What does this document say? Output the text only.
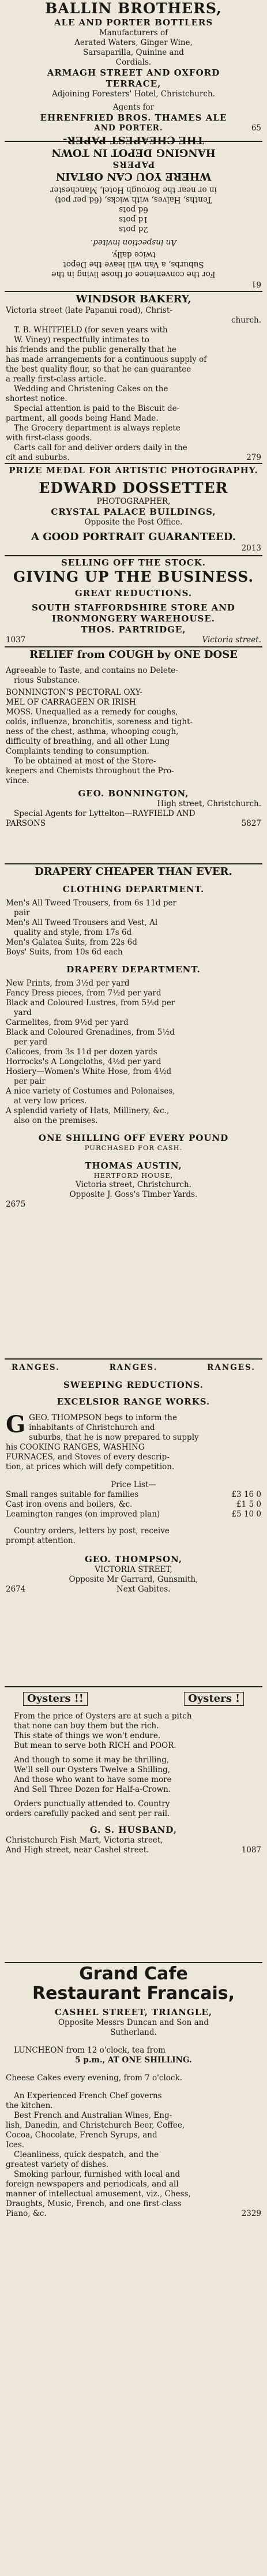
BALLIN BROTHERS,
ALE AND PORTER BOTTLERS
Manufacturers of
Aerated Waters, Ginger Wine,
Sarsaparilla, Quinine and
Cordials.
ARMAGH STREET AND OXFORD
TERRACE,
Adjoining Foresters' Hotel, Christchurch.
Agents for
EHRENFRIED BROS. THAMES ALE
AND PORTER.	65
61
For the convenience of those living in the
Suburbs, a Van will leave the Depot
twice daily.
An inspection invited.
2d pots
1d pots
6d pots
Tenths, Halves, with wicks, (6d per pot)
in or near the Borough Hotel, Manchester
WHERE YOU CAN OBTAIN
PAPERS
HANGING DEPOT IN TOWN
THE CHEAPEST PAPER-
WINDSOR BAKERY,
Victoria street (late Papanui road), Christ-
church.
T. B. WHITFIELD (for seven years with
W. Viney) respectfully intimates to
his friends and the public generally that he
has made arrangements for a continuous supply of
the best quality flour, so that he can guarantee
a really first-class article.
Wedding and Christening Cakes on the
shortest notice.
Special attention is paid to the Biscuit de-
partment, all goods being Hand Made.
The Grocery department is always replete
with first-class goods.
Carts call for and deliver orders daily in the
cit and suburbs.	279
PRIZE MEDAL FOR ARTISTIC PHOTOGRAPHY.
EDWARD DOSSETTER
PHOTOGRAPHER,
CRYSTAL PALACE BUILDINGS,
Opposite the Post Office.
A GOOD PORTRAIT GUARANTEED.
2013
SELLING OFF THE STOCK.
GIVING UP THE BUSINESS.
GREAT REDUCTIONS.
SOUTH STAFFORDSHIRE STORE AND
IRONMONGERY WAREHOUSE.
THOS. PARTRIDGE,
1037	Victoria street.
RELIEF from COUGH by ONE DOSE
Agreeable to Taste, and contains no Delete-
rious Substance.
BONNINGTON'S PECTORAL OXY-
MEL OF CARRAGEEN OR IRISH
MOSS. Unequalled as a remedy for coughs,
colds, influenza, bronchitis, soreness and tight-
ness of the chest, asthma, whooping cough,
difficulty of breathing, and all other Lung
Complaints tending to consumption.
To be obtained at most of the Store-
keepers and Chemists throughout the Pro-
vince.
GEO. BONNINGTON,
High street, Christchurch.
Special Agents for Lyttelton—RAYFIELD AND
PARSONS	5827
DRAPERY CHEAPER THAN EVER.
CLOTHING DEPARTMENT.
Men's All Tweed Trousers, from 6s 11d per
pair
Men's All Tweed Trousers and Vest, Al
quality and style, from 17s 6d
Men's Galatea Suits, from 22s 6d
Boys' Suits, from 10s 6d each
DRAPERY DEPARTMENT.
New Prints, from 3½d per yard
Fancy Dress pieces, from 7½d per yard
Black and Coloured Lustres, from 5½d per
yard
Carmelites, from 9½d per yard
Black and Coloured Grenadines, from 5½d
per yard
Calicoes, from 3s 11d per dozen yards
Horrocks's A Longcloths, 4½d per yard
Hosiery—Women's White Hose, from 4½d
per pair
A nice variety of Costumes and Polonaises,
at very low prices.
A splendid variety of Hats, Millinery, &c.,
also on the premises.
ONE SHILLING OFF EVERY POUND
PURCHASED FOR CASH.
THOMAS AUSTIN,
HERTFORD HOUSE,
Victoria street, Christchurch.
Opposite J. Goss's Timber Yards.
2675
RANGES.	RANGES.	RANGES.
SWEEPING REDUCTIONS.
EXCELSIOR RANGE WORKS.
G GEO. THOMPSON begs to inform the
inhabitants of Christchurch and
suburbs, that he is now prepared to supply
his COOKING RANGES, WASHING
FURNACES, and Stoves of every descrip-
tion, at prices which will defy competition.
Price List—
Small ranges suitable for families	£3 16 0
Cast iron ovens and boilers, &c.	£1 5 0
Leamington ranges (on improved plan)	£5 10 0
Country orders, letters by post, receive
prompt attention.
GEO. THOMPSON,
VICTORIA STREET,
Opposite Mr Garrard, Gunsmith,
2674	Next Gabites.
Oysters !!	Oysters !
From the price of Oysters are at such a pitch
that none can buy them but the rich.
This state of things we won't endure.
But mean to serve both RICH and POOR.
And though to some it may be thrilling,
We'll sell our Oysters Twelve a Shilling,
And those who want to have some more
And Sell Three Dozen for Half-a-Crown.
Orders punctually attended to. Country
orders carefully packed and sent per rail.
G. S. HUSBAND,
Christchurch Fish Mart, Victoria street,
And High street, near Cashel street.	1087
Grand Cafe
Restaurant Francais,
CASHEL STREET, TRIANGLE,
Opposite Messrs Duncan and Son and
Sutherland.
LUNCHEON from 12 o'clock, tea from
5 p.m., AT ONE SHILLING.
Cheese Cakes every evening, from 7 o'clock.
An Experienced French Chef governs
the kitchen.
Best French and Australian Wines, Eng-
lish, Danedin, and Christchurch Beer, Coffee,
Cocoa, Chocolate, French Syrups, and
Ices.
Cleanliness, quick despatch, and the
greatest variety of dishes.
Smoking parlour, furnished with local and
foreign newspapers and periodicals, and all
manner of intellectual amusement, viz., Chess,
Draughts, Music, French, and one first-class
Piano, &c.	2329
